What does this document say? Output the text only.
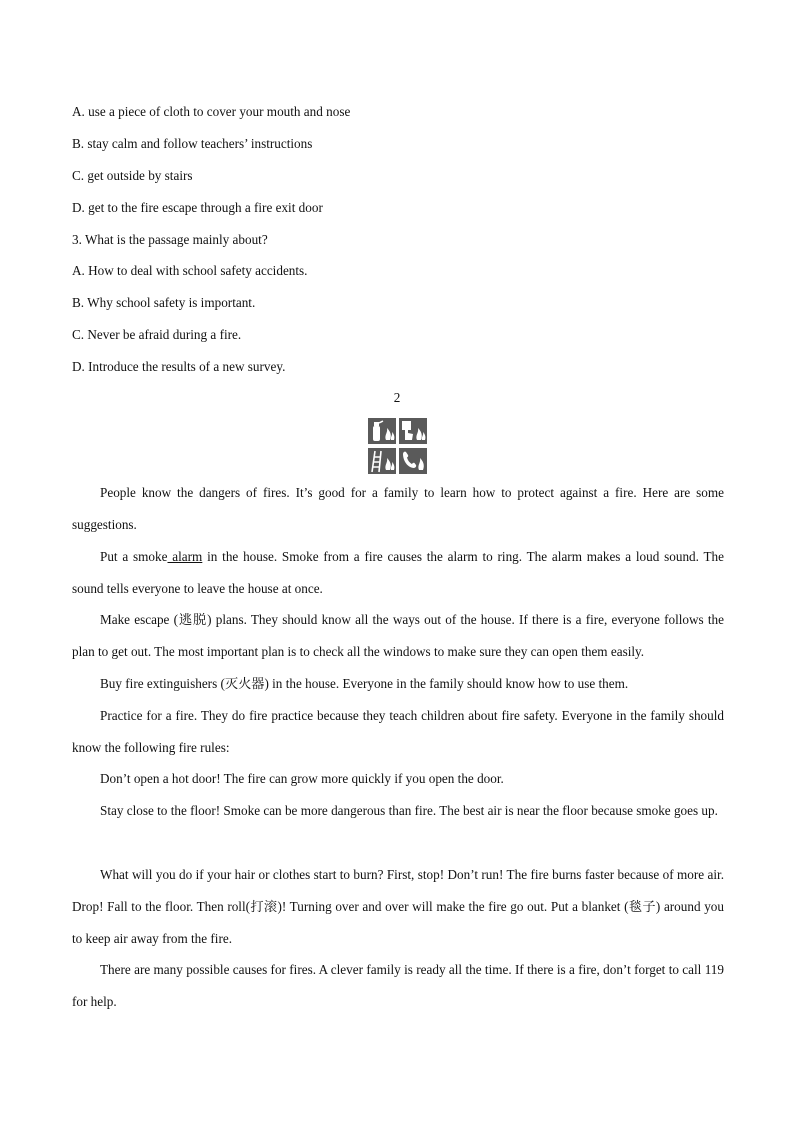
A. use a piece of cloth to cover your mouth and nose

B. stay calm and follow teachers’ instructions

C. get outside by stairs

D. get to the fire escape through a fire exit door

3. What is the passage mainly about?

A. How to deal with school safety accidents.

B. Why school safety is important.

C. Never be afraid during a fire.

D. Introduce the results of a new survey.

2

People know the dangers of fires. It’s good for a family to learn how to protect against a fire. Here are some suggestions.

Put a smoke alarm in the house. Smoke from a fire causes the alarm to ring. The alarm makes a loud sound. The sound tells everyone to leave the house at once.

Make escape (逃脱) plans. They should know all the ways out of the house. If there is a fire, everyone follows the plan to get out. The most important plan is to check all the windows to make sure they can open them easily.

Buy fire extinguishers (灭火器) in the house. Everyone in the family should know how to use them.

Practice for a fire. They do fire practice because they teach children about fire safety. Everyone in the family should know the following fire rules:

Don’t open a hot door! The fire can grow more quickly if you open the door.

Stay close to the floor! Smoke can be more dangerous than fire. The best air is near the floor because smoke goes up.

What will you do if your hair or clothes start to burn? First, stop! Don’t run! The fire burns faster because of more air. Drop! Fall to the floor. Then roll(打滚)! Turning over and over will make the fire go out. Put a blanket (毯子) around you to keep air away from the fire.

There are many possible causes for fires. A clever family is ready all the time. If there is a fire, don’t forget to call 119 for help.
